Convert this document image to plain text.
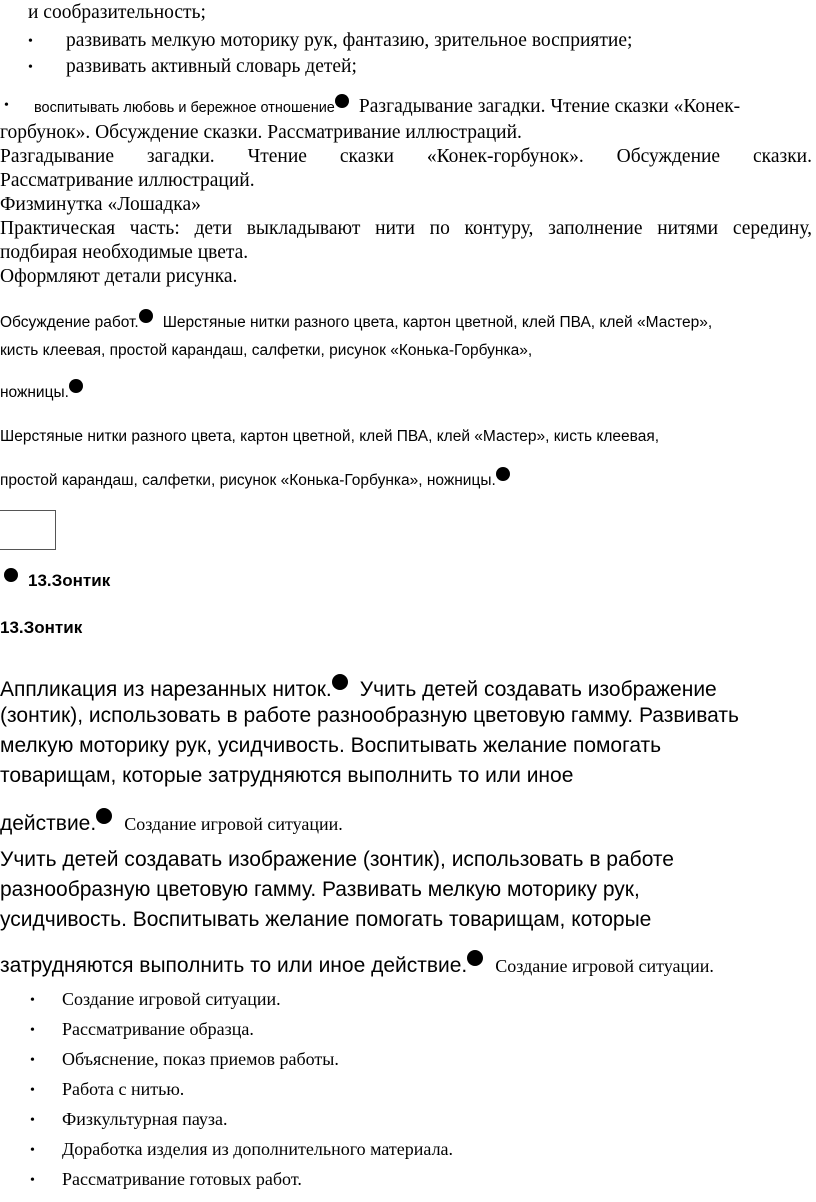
и сообразительность;

•

развивать мелкую моторику рук, фантазию, зрительное восприятие;

•

развивать активный словарь детей;

•

воспитывать любовь и бережное отношение Разгадывание загадки. Чтение сказки «Конек-

горбунок». Обсуждение сказки. Рассматривание иллюстраций.

Разгадывание загадки. Чтение сказки «Конек-горбунок». Обсуждение сказки.

Рассматривание иллюстраций.

Физминутка «Лошадка»

Практическая часть: дети выкладывают нити по контуру, заполнение нитями середину,

подбирая необходимые цвета.

Оформляют детали рисунка.

Обсуждение работ. Шерстяные нитки разного цвета, картон цветной, клей ПВА, клей «Мастер»,

кисть клеевая, простой карандаш, салфетки, рисунок «Конька-Горбунка»,

ножницы.

Шерстяные нитки разного цвета, картон цветной, клей ПВА, клей «Мастер», кисть клеевая,

простой карандаш, салфетки, рисунок «Конька-Горбунка», ножницы.

13.Зонтик

13.Зонтик

Аппликация из нарезанных ниток. Учить детей создавать изображение

(зонтик), использовать в работе разнообразную цветовую гамму. Развивать

мелкую моторику рук, усидчивость. Воспитывать желание помогать

товарищам, которые затрудняются выполнить то или иное

действие. Создание игровой ситуации.

Учить детей создавать изображение (зонтик), использовать в работе

разнообразную цветовую гамму. Развивать мелкую моторику рук,

усидчивость. Воспитывать желание помогать товарищам, которые

затрудняются выполнить то или иное действие. Создание игровой ситуации.

•

Создание игровой ситуации.

•

Рассматривание образца.

•

Объяснение, показ приемов работы.

•

Работа с нитью.

•

Физкультурная пауза.

•

Доработка изделия из дополнительного материала.

•

Рассматривание готовых работ.
